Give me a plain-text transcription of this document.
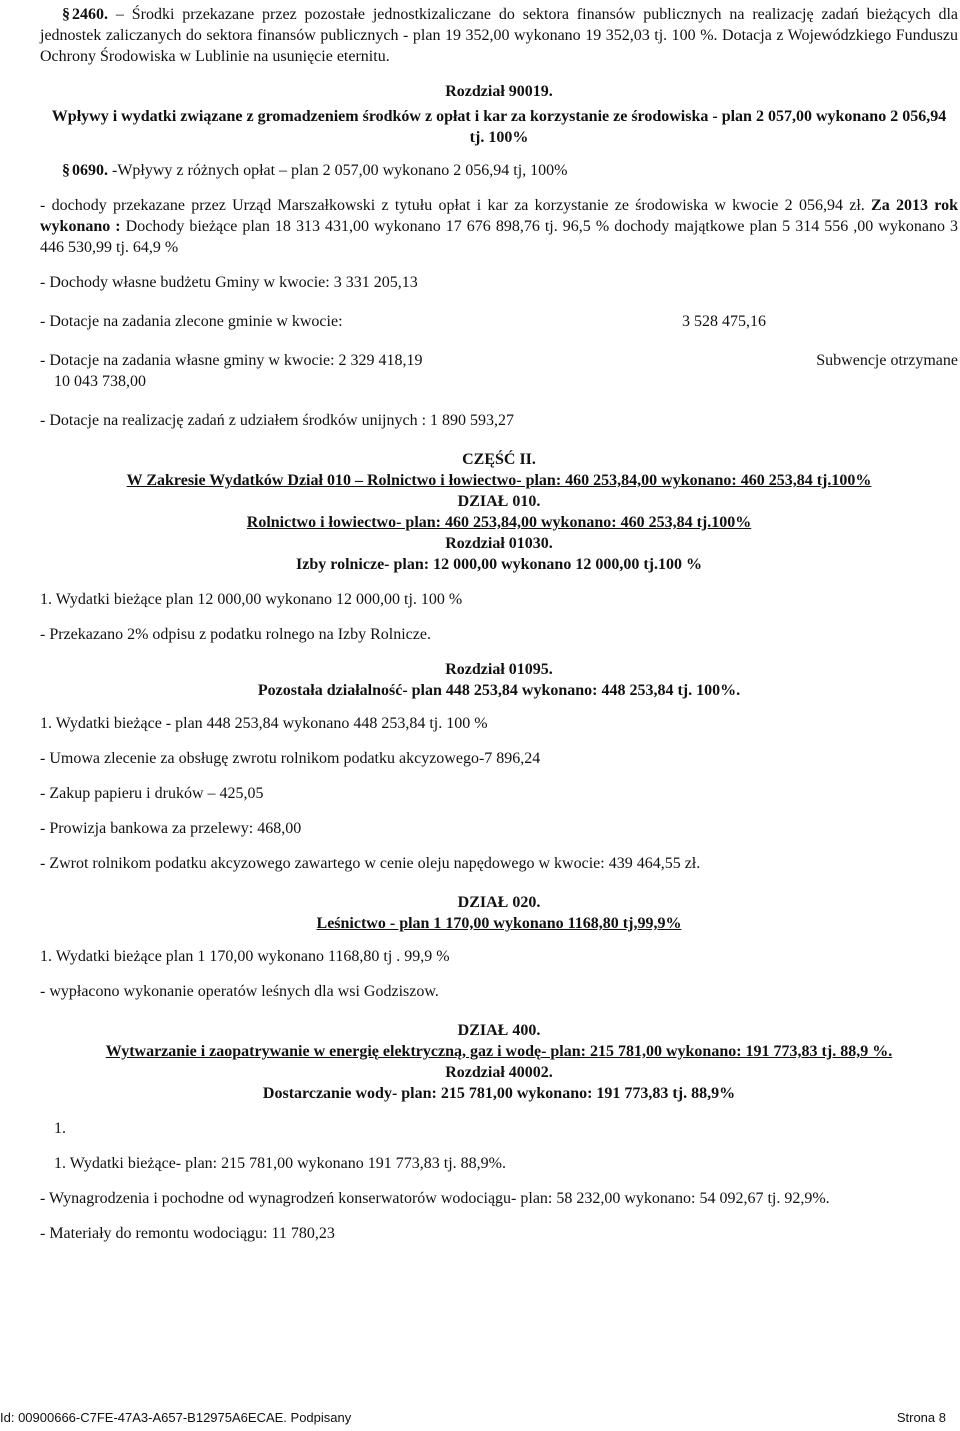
§ 2460. – Środki przekazane przez pozostałe jednostkizaliczane do sektora finansów publicznych na realizację zadań bieżących dla jednostek zaliczanych do sektora finansów publicznych - plan 19 352,00 wykonano 19 352,03 tj. 100 %. Dotacja z Wojewódzkiego Funduszu Ochrony Środowiska w Lublinie na usunięcie eternitu.

Rozdział 90019.

Wpływy i wydatki związane z gromadzeniem środków z opłat i kar za korzystanie ze środowiska - plan 2 057,00 wykonano 2 056,94 tj. 100%

§ 0690. -Wpływy z różnych opłat – plan 2 057,00 wykonano 2 056,94 tj, 100%

- dochody przekazane przez Urząd Marszałkowski z tytułu opłat i kar za korzystanie ze środowiska w kwocie 2 056,94 zł. Za 2013 rok wykonano : Dochody bieżące plan 18 313 431,00 wykonano 17 676 898,76 tj. 96,5 % dochody majątkowe plan 5 314 556 ,00 wykonano 3 446 530,99 tj. 64,9 %

- Dochody własne budżetu Gminy w kwocie: 3 331 205,13

- Dotacje na zadania zlecone gminie w kwocie:	3 528 475,16
- Dotacje na zadania własne gminy w kwocie: 2 329 418,19	Subwencje otrzymane

10 043 738,00

- Dotacje na realizację zadań z udziałem środków unijnych : 1 890 593,27

CZĘŚĆ II.

W Zakresie Wydatków Dział 010 – Rolnictwo i łowiectwo- plan: 460 253,84,00 wykonano: 460 253,84 tj.100%

DZIAŁ 010.

Rolnictwo i łowiectwo- plan: 460 253,84,00 wykonano: 460 253,84 tj.100%

Rozdział 01030.

Izby rolnicze- plan: 12 000,00 wykonano 12 000,00 tj.100 %

1. Wydatki bieżące plan 12 000,00 wykonano 12 000,00 tj. 100 %

- Przekazano 2% odpisu z podatku rolnego na Izby Rolnicze.

Rozdział 01095.

Pozostała działalność- plan 448 253,84 wykonano: 448 253,84 tj. 100%.

1. Wydatki bieżące - plan 448 253,84 wykonano 448 253,84 tj. 100 %

- Umowa zlecenie za obsługę zwrotu rolnikom podatku akcyzowego-7 896,24

- Zakup papieru i druków – 425,05

- Prowizja bankowa za przelewy: 468,00

- Zwrot rolnikom podatku akcyzowego zawartego w cenie oleju napędowego w kwocie: 439 464,55 zł.

DZIAŁ 020.

Leśnictwo - plan 1 170,00 wykonano 1168,80 tj,99,9%

1. Wydatki bieżące plan 1 170,00 wykonano 1168,80 tj . 99,9 %

- wypłacono wykonanie operatów leśnych dla wsi Godziszow.

DZIAŁ 400.

Wytwarzanie i zaopatrywanie w energię elektryczną, gaz i wodę- plan: 215 781,00 wykonano: 191 773,83 tj. 88,9 %.

Rozdział 40002.

Dostarczanie wody- plan: 215 781,00 wykonano: 191 773,83 tj. 88,9%

1.

1. Wydatki bieżące- plan: 215 781,00 wykonano 191 773,83 tj. 88,9%.

- Wynagrodzenia i pochodne od wynagrodzeń konserwatorów wodociągu- plan: 58 232,00 wykonano: 54 092,67 tj. 92,9%.

- Materiały do remontu wodociągu: 11 780,23

Id: 00900666-C7FE-47A3-A657-B12975A6ECAE. Podpisany	Strona 8
